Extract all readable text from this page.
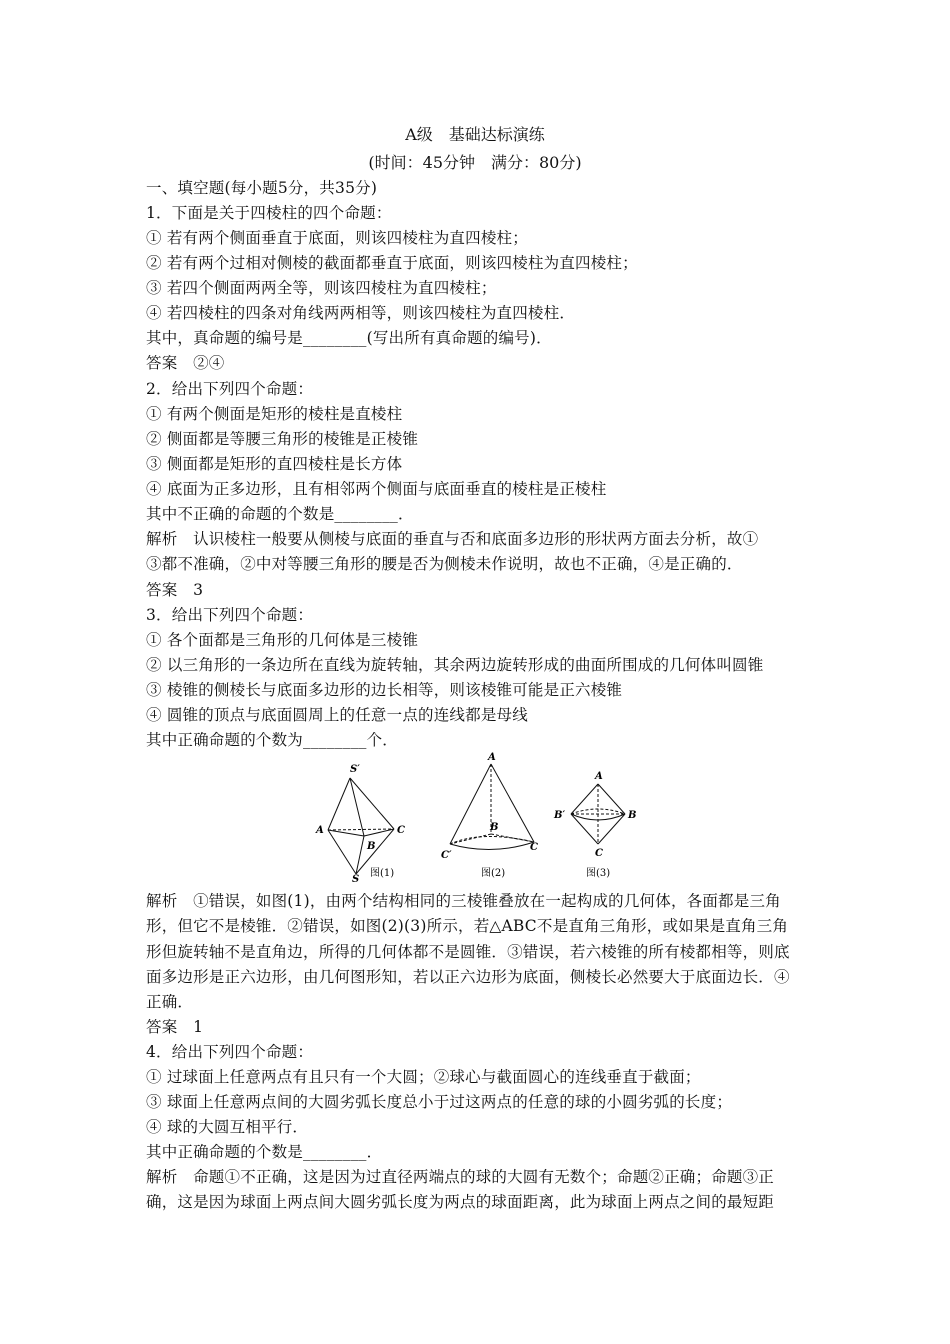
A级　基础达标演练
(时间：45分钟　满分：80分)
一、填空题(每小题5分，共35分)
1．下面是关于四棱柱的四个命题：
① 若有两个侧面垂直于底面，则该四棱柱为直四棱柱；
② 若有两个过相对侧棱的截面都垂直于底面，则该四棱柱为直四棱柱；
③ 若四个侧面两两全等，则该四棱柱为直四棱柱；
④ 若四棱柱的四条对角线两两相等，则该四棱柱为直四棱柱．
其中，真命题的编号是________(写出所有真命题的编号)．
答案　②④
2．给出下列四个命题：
① 有两个侧面是矩形的棱柱是直棱柱
② 侧面都是等腰三角形的棱锥是正棱锥
③ 侧面都是矩形的直四棱柱是长方体
④ 底面为正多边形，且有相邻两个侧面与底面垂直的棱柱是正棱柱
其中不正确的命题的个数是________．
解析　认识棱柱一般要从侧棱与底面的垂直与否和底面多边形的形状两方面去分析，故①
③都不准确，②中对等腰三角形的腰是否为侧棱未作说明，故也不正确，④是正确的．
答案　3
3．给出下列四个命题：
① 各个面都是三角形的几何体是三棱锥
② 以三角形的一条边所在直线为旋转轴，其余两边旋转形成的曲面所围成的几何体叫圆锥
③ 棱锥的侧棱长与底面多边形的边长相等，则该棱锥可能是正六棱锥
④ 圆锥的顶点与底面圆周上的任意一点的连线都是母线
其中正确命题的个数为________个．
S′
A
B
C
S
图(1)
A
B
C′
C
图(2)
A
B′	B
C
图(3)
解析　①错误，如图(1)，由两个结构相同的三棱锥叠放在一起构成的几何体，各面都是三角
形，但它不是棱锥．②错误，如图(2)(3)所示，若△ABC不是直角三角形，或如果是直角三角
形但旋转轴不是直角边，所得的几何体都不是圆锥．③错误，若六棱锥的所有棱都相等，则底
面多边形是正六边形，由几何图形知，若以正六边形为底面，侧棱长必然要大于底面边长．④
正确．
答案　1
4．给出下列四个命题：
① 过球面上任意两点有且只有一个大圆；②球心与截面圆心的连线垂直于截面；
③ 球面上任意两点间的大圆劣弧长度总小于过这两点的任意的球的小圆劣弧的长度；
④ 球的大圆互相平行．
其中正确命题的个数是________．
解析　命题①不正确，这是因为过直径两端点的球的大圆有无数个；命题②正确；命题③正
确，这是因为球面上两点间大圆劣弧长度为两点的球面距离，此为球面上两点之间的最短距
